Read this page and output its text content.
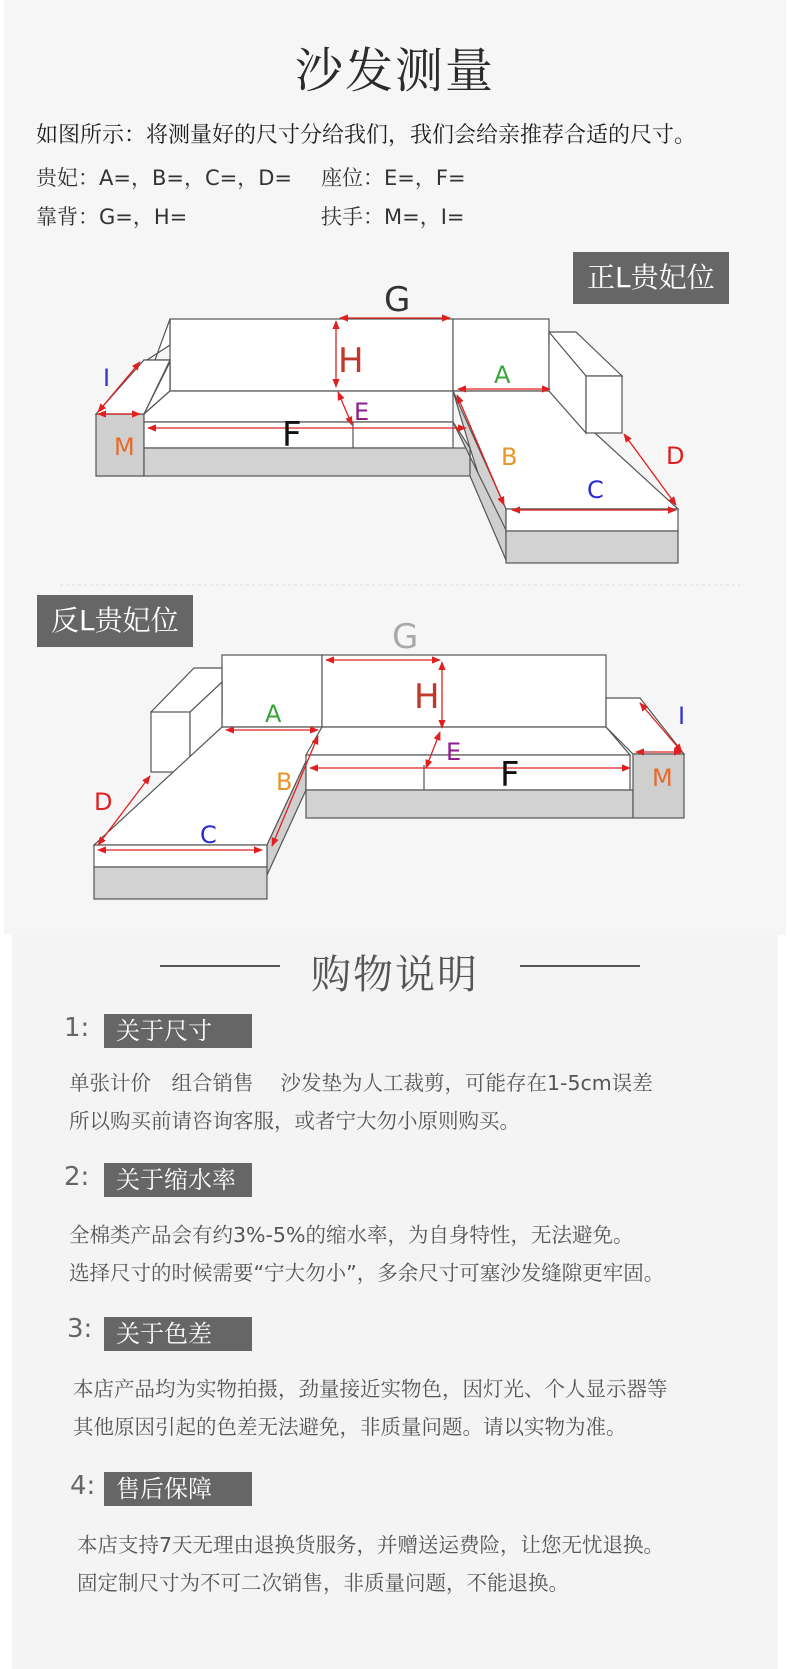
沙发测量
如图所示：将测量好的尺寸分给我们，我们会给亲推荐合适的尺寸。
贵妃：A=，B=，C=，D= 座位：E=，F=
靠背：G=，H=	扶手：M=，I=
正L贵妃位
反L贵妃位
G
H
E
F
A
B
C
D
I
M
G
H
E
F
A
B
C
D
I
M
购物说明
1:	关于尺寸
单张计价　组合销售　 沙发垫为人工裁剪，可能存在1-5cm误差
所以购买前请咨询客服，或者宁大勿小原则购买。
2:	关于缩水率
全棉类产品会有约3%-5%的缩水率，为自身特性，无法避免。
选择尺寸的时候需要“宁大勿小”，多余尺寸可塞沙发缝隙更牢固。
3: 关于色差
本店产品均为实物拍摄，劲量接近实物色，因灯光、个人显示器等
其他原因引起的色差无法避免，非质量问题。请以实物为准。
4: 售后保障
本店支持7天无理由退换货服务，并赠送运费险，让您无忧退换。
固定制尺寸为不可二次销售，非质量问题，不能退换。
